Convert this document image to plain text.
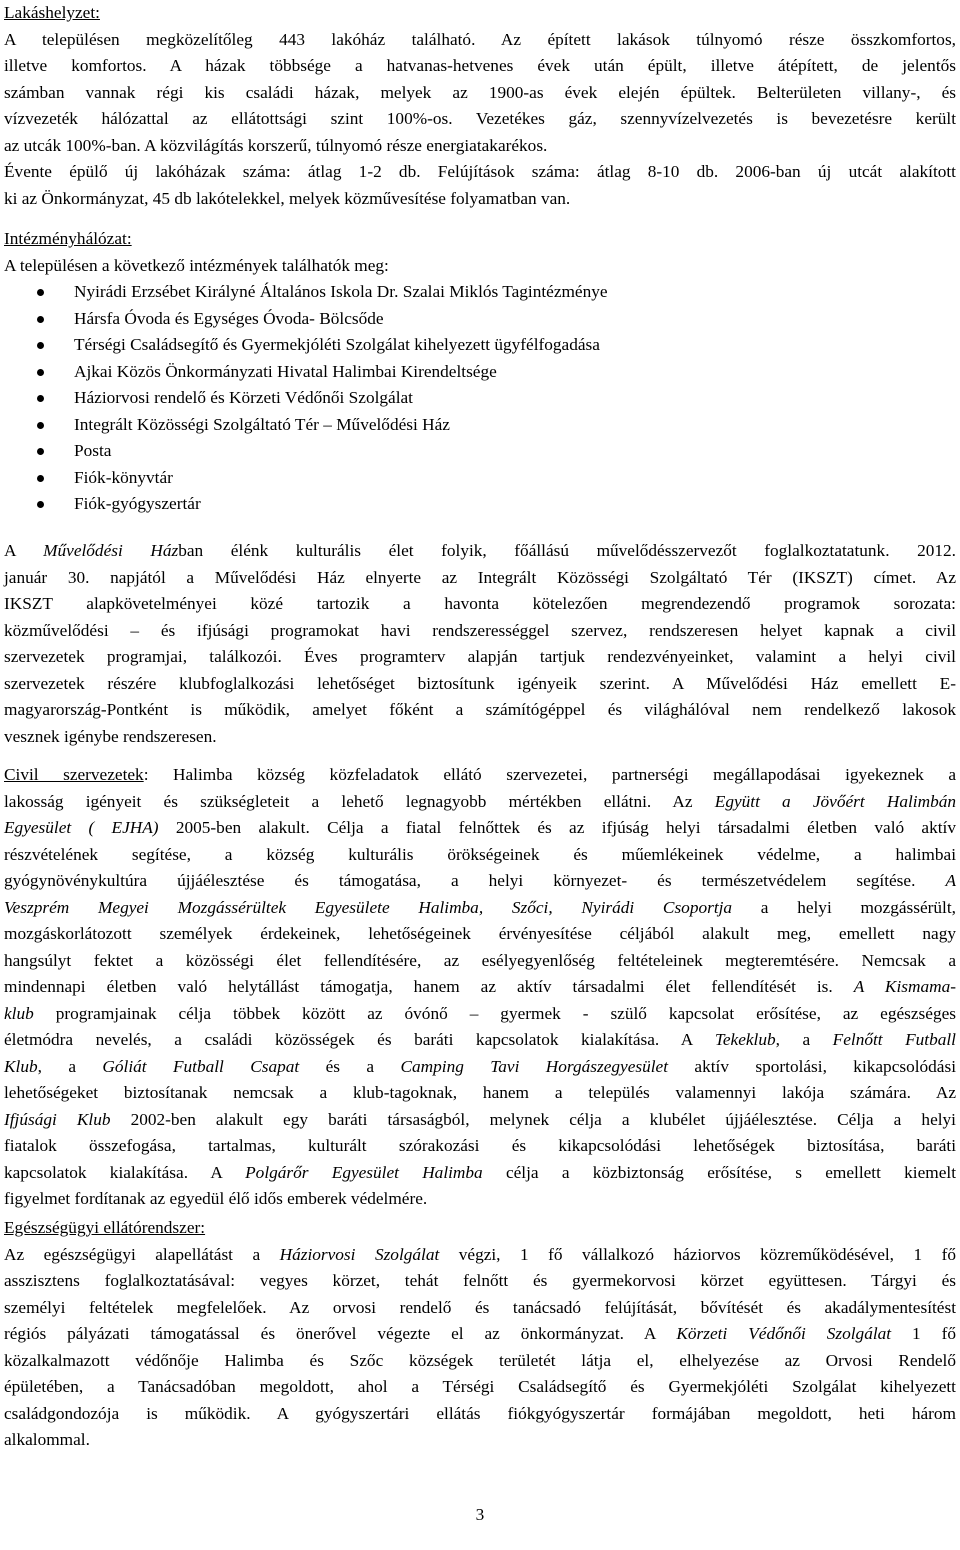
Lakáshelyzet:

A településen megközelítőleg 443 lakóház található. Az épített lakások túlnyomó része összkomfortos,

illetve komfortos. A házak többsége a hatvanas-hetvenes évek után épült, illetve átépített, de jelentős

számban vannak régi kis családi házak, melyek az 1900-as évek elején épültek. Belterületen villany-, és

vízvezeték hálózattal az ellátottsági szint 100%-os. Vezetékes gáz, szennyvízelvezetés is bevezetésre került

az utcák 100%-ban. A közvilágítás korszerű, túlnyomó része energiatakarékos.

Évente épülő új lakóházak száma: átlag 1-2 db. Felújítások száma: átlag 8-10 db. 2006-ban új utcát alakított

ki az Önkormányzat, 45 db lakótelekkel, melyek közművesítése folyamatban van.

Intézményhálózat:

A településen a következő intézmények találhatók meg:

Nyirádi Erzsébet Királyné Általános Iskola Dr. Szalai Miklós Tagintézménye
Hársfa Óvoda és Egységes Óvoda- Bölcsőde
Térségi Családsegítő és Gyermekjóléti Szolgálat kihelyezett ügyfélfogadása
Ajkai Közös Önkormányzati Hivatal Halimbai Kirendeltsége
Háziorvosi rendelő és Körzeti Védőnői Szolgálat
Integrált Közösségi Szolgáltató Tér – Művelődési Ház
Posta
Fiók-könyvtár
Fiók-gyógyszertár

A Művelődési Házban élénk kulturális élet folyik, főállású művelődésszervezőt foglalkoztatatunk. 2012.

január 30. napjától a Művelődési Ház elnyerte az Integrált Közösségi Szolgáltató Tér (IKSZT) címet. Az

IKSZT alapkövetelményei közé tartozik a havonta kötelezően megrendezendő programok sorozata:

közművelődési – és ifjúsági programokat havi rendszerességgel szervez, rendszeresen helyet kapnak a civil

szervezetek programjai, találkozói. Éves programterv alapján tartjuk rendezvényeinket, valamint a helyi civil

szervezetek részére klubfoglalkozási lehetőséget biztosítunk igényeik szerint. A Művelődési Ház emellett E-

magyarország-Pontként is működik, amelyet főként a számítógéppel és világhálóval nem rendelkező lakosok

vesznek igénybe rendszeresen.

Civil szervezetek: Halimba község közfeladatok ellátó szervezetei, partnerségi megállapodásai igyekeznek a

lakosság igényeit és szükségleteit a lehető legnagyobb mértékben ellátni. Az Együtt a Jövőért Halimbán

Egyesület ( EJHA) 2005-ben alakult. Célja a fiatal felnőttek és az ifjúság helyi társadalmi életben való aktív

részvételének segítése, a község kulturális örökségeinek és műemlékeinek védelme, a halimbai

gyógynövénykultúra újjáélesztése és támogatása, a helyi környezet- és természetvédelem segítése. A

Veszprém Megyei Mozgássérültek Egyesülete Halimba, Szőci, Nyirádi Csoportja a helyi mozgássérült,

mozgáskorlátozott személyek érdekeinek, lehetőségeinek érvényesítése céljából alakult meg, emellett nagy

hangsúlyt fektet a közösségi élet fellendítésére, az esélyegyenlőség feltételeinek megteremtésére. Nemcsak a

mindennapi életben való helytállást támogatja, hanem az aktív társadalmi élet fellendítését is. A Kismama-

klub programjainak célja többek között az óvónő – gyermek - szülő kapcsolat erősítése, az egészséges

életmódra nevelés, a családi közösségek és baráti kapcsolatok kialakítása. A Tekeklub, a Felnőtt Futball

Klub, a Góliát Futball Csapat és a Camping Tavi Horgászegyesület aktív sportolási, kikapcsolódási

lehetőségeket biztosítanak nemcsak a klub-tagoknak, hanem a település valamennyi lakója számára. Az

Ifjúsági Klub 2002-ben alakult egy baráti társaságból, melynek célja a klubélet újjáélesztése. Célja a helyi

fiatalok összefogása, tartalmas, kulturált szórakozási és kikapcsolódási lehetőségek biztosítása, baráti

kapcsolatok kialakítása. A Polgárőr Egyesület Halimba célja a közbiztonság erősítése, s emellett kiemelt

figyelmet fordítanak az egyedül élő idős emberek védelmére.

Egészségügyi ellátórendszer:

Az egészségügyi alapellátást a Háziorvosi Szolgálat végzi, 1 fő vállalkozó háziorvos közreműködésével, 1 fő

asszisztens foglalkoztatásával: vegyes körzet, tehát felnőtt és gyermekorvosi körzet együttesen. Tárgyi és

személyi feltételek megfelelőek. Az orvosi rendelő és tanácsadó felújítását, bővítését és akadálymentesítést

régiós pályázati támogatással és önerővel végezte el az önkormányzat. A Körzeti Védőnői Szolgálat 1 fő

közalkalmazott védőnője Halimba és Szőc községek területét látja el, elhelyezése az Orvosi Rendelő

épületében, a Tanácsadóban megoldott, ahol a Térségi Családsegítő és Gyermekjóléti Szolgálat kihelyezett

családgondozója is működik. A gyógyszertári ellátás fiókgyógyszertár formájában megoldott, heti három

alkalommal.

3
